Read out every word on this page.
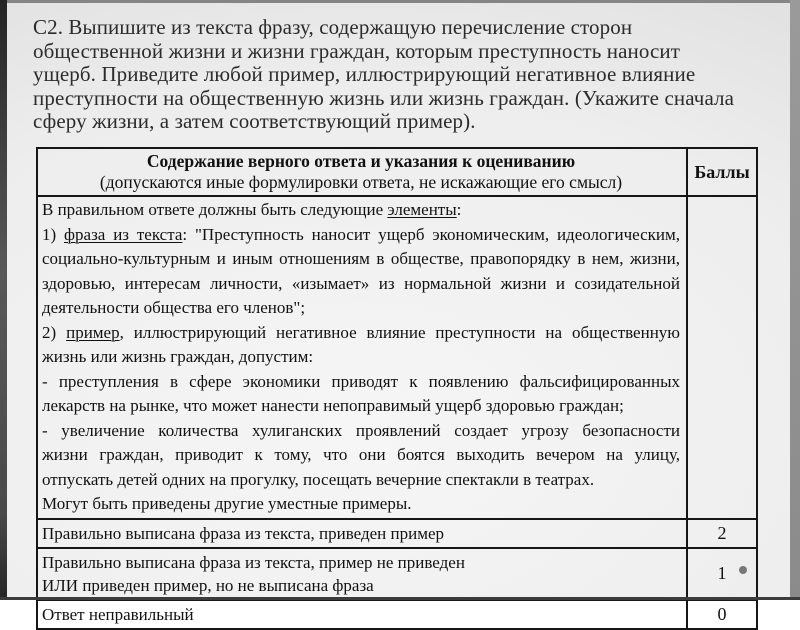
С2. Выпишите из текста фразу, содержащую перечисление сторон
общественной жизни и жизни граждан, которым преступность наносит
ущерб. Приведите любой пример, иллюстрирующий негативное влияние
преступности на общественную жизнь или жизнь граждан. (Укажите сначала
сферу жизни, а затем соответствующий пример).
Содержание верного ответа и указания к оцениванию
(допускаются иные формулировки ответа, не искажающие его смысл)
Баллы
В правильном ответе должны быть следующие элементы:
1) фраза из текста: "Преступность наносит ущерб экономическим, идеологическим,
социально-культурным и иным отношениям в обществе, правопорядку в нем, жизни,
здоровью, интересам личности, «изымает» из нормальной жизни и созидательной
деятельности общества его членов";
2) пример, иллюстрирующий негативное влияние преступности на общественную
жизнь или жизнь граждан, допустим:
- преступления в сфере экономики приводят к появлению фальсифицированных
лекарств на рынке, что может нанести непоправимый ущерб здоровью граждан;
- увеличение количества хулиганских проявлений создает угрозу безопасности
жизни граждан, приводит к тому, что они боятся выходить вечером на улицу,
отпускать детей одних на прогулку, посещать вечерние спектакли в театрах.
Могут быть приведены другие уместные примеры.
Правильно выписана фраза из текста, приведен пример	2
Правильно выписана фраза из текста, пример не приведен
ИЛИ приведен пример, но не выписана фраза
1
Ответ неправильный	0
